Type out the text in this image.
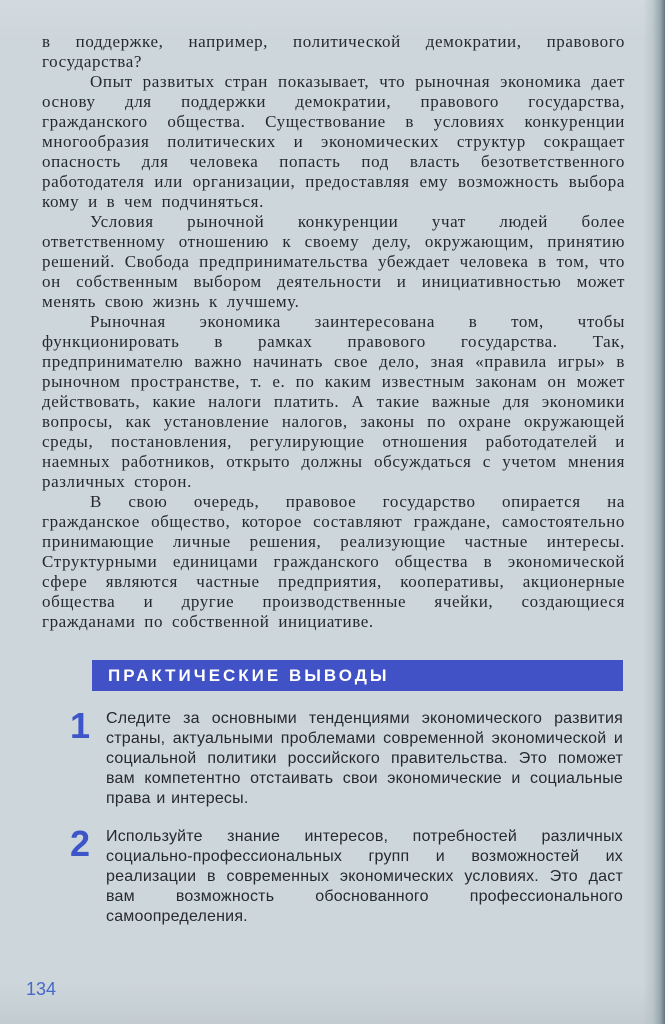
в поддержке, например, политической демократии, правового государства?

Опыт развитых стран показывает, что рыночная экономика дает основу для поддержки демократии, правового государства, гражданского общества. Существование в условиях конкуренции многообразия политических и экономических структур сокращает опасность для человека попасть под власть безответственного работодателя или организации, предоставляя ему возможность выбора кому и в чем подчиняться.

Условия рыночной конкуренции учат людей более ответственному отношению к своему делу, окружающим, принятию решений. Свобода предпринимательства убеждает человека в том, что он собственным выбором деятельности и инициативностью может менять свою жизнь к лучшему.

Рыночная экономика заинтересована в том, чтобы функционировать в рамках правового государства. Так, предпринимателю важно начинать свое дело, зная «правила игры» в рыночном пространстве, т. е. по каким известным законам он может действовать, какие налоги платить. А такие важные для экономики вопросы, как установление налогов, законы по охране окружающей среды, постановления, регулирующие отношения работодателей и наемных работников, открыто должны обсуждаться с учетом мнения различных сторон.

В свою очередь, правовое государство опирается на гражданское общество, которое составляют граждане, самостоятельно принимающие личные решения, реализующие частные интересы. Структурными единицами гражданского общества в экономической сфере являются частные предприятия, кооперативы, акционерные общества и другие производственные ячейки, создающиеся гражданами по собственной инициативе.

ПРАКТИЧЕСКИЕ ВЫВОДЫ
1 Следите за основными тенденциями экономического развития страны, актуальными проблемами современной экономической и социальной политики российского правительства. Это поможет вам компетентно отстаивать свои экономические и социальные права и интересы.

2 Используйте знание интересов, потребностей различных социально-профессиональных групп и возможностей их реализации в современных экономических условиях. Это даст вам возможность обоснованного профессионального самоопределения.

134
